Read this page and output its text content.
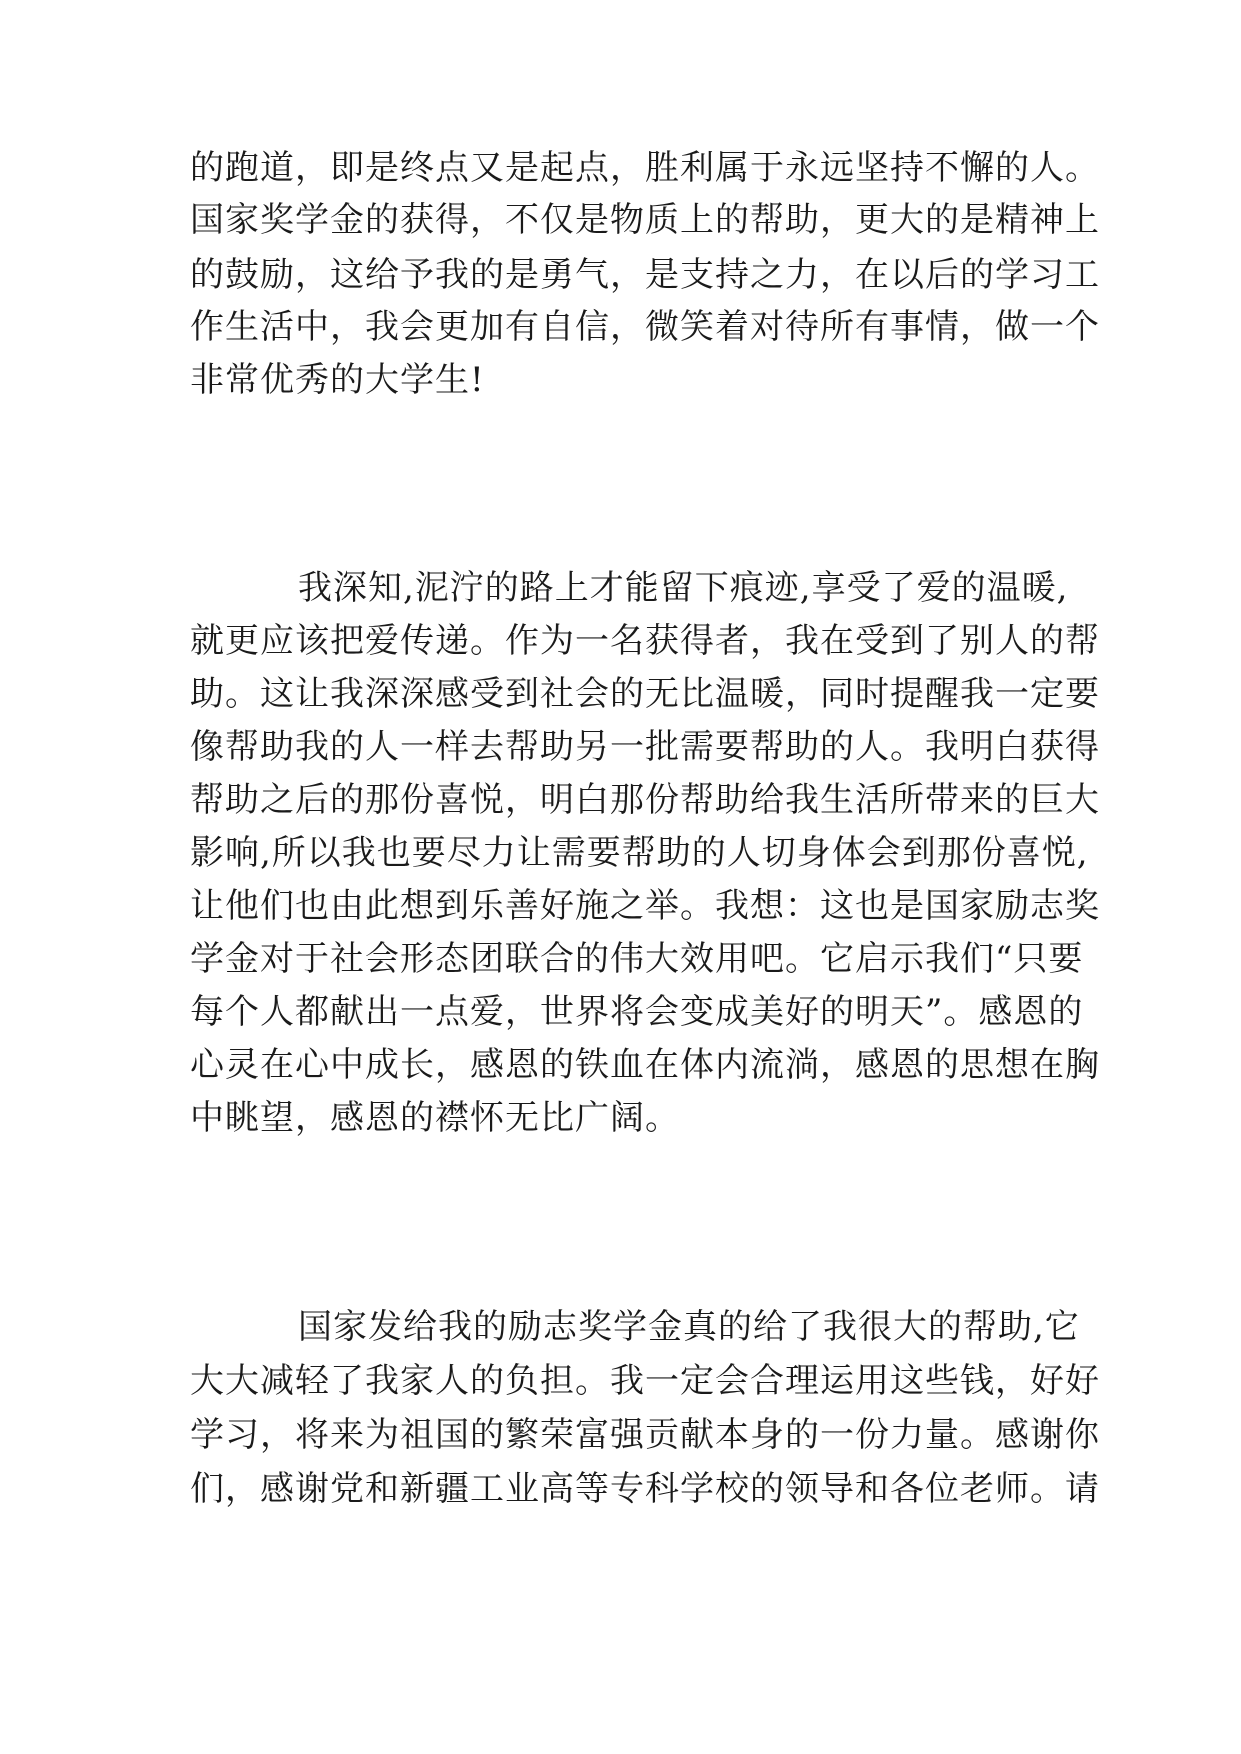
的跑道，即是终点又是起点，胜利属于永远坚持不懈的人。

国家奖学金的获得，不仅是物质上的帮助，更大的是精神上

的鼓励，这给予我的是勇气，是支持之力，在以后的学习工

作生活中，我会更加有自信，微笑着对待所有事情，做一个

非常优秀的大学生!

我深知,泥泞的路上才能留下痕迹,享受了爱的温暖,

就更应该把爱传递。作为一名获得者，我在受到了别人的帮

助。这让我深深感受到社会的无比温暖，同时提醒我一定要

像帮助我的人一样去帮助另一批需要帮助的人。我明白获得

帮助之后的那份喜悦，明白那份帮助给我生活所带来的巨大

影响,所以我也要尽力让需要帮助的人切身体会到那份喜悦,

让他们也由此想到乐善好施之举。我想：这也是国家励志奖

学金对于社会形态团联合的伟大效用吧。它启示我们“只要

每个人都献出一点爱，世界将会变成美好的明天”。感恩的

心灵在心中成长，感恩的铁血在体内流淌，感恩的思想在胸

中眺望，感恩的襟怀无比广阔。

国家发给我的励志奖学金真的给了我很大的帮助,它

大大减轻了我家人的负担。我一定会合理运用这些钱，好好

学习，将来为祖国的繁荣富强贡献本身的一份力量。感谢你

们，感谢党和新疆工业高等专科学校的领导和各位老师。请
